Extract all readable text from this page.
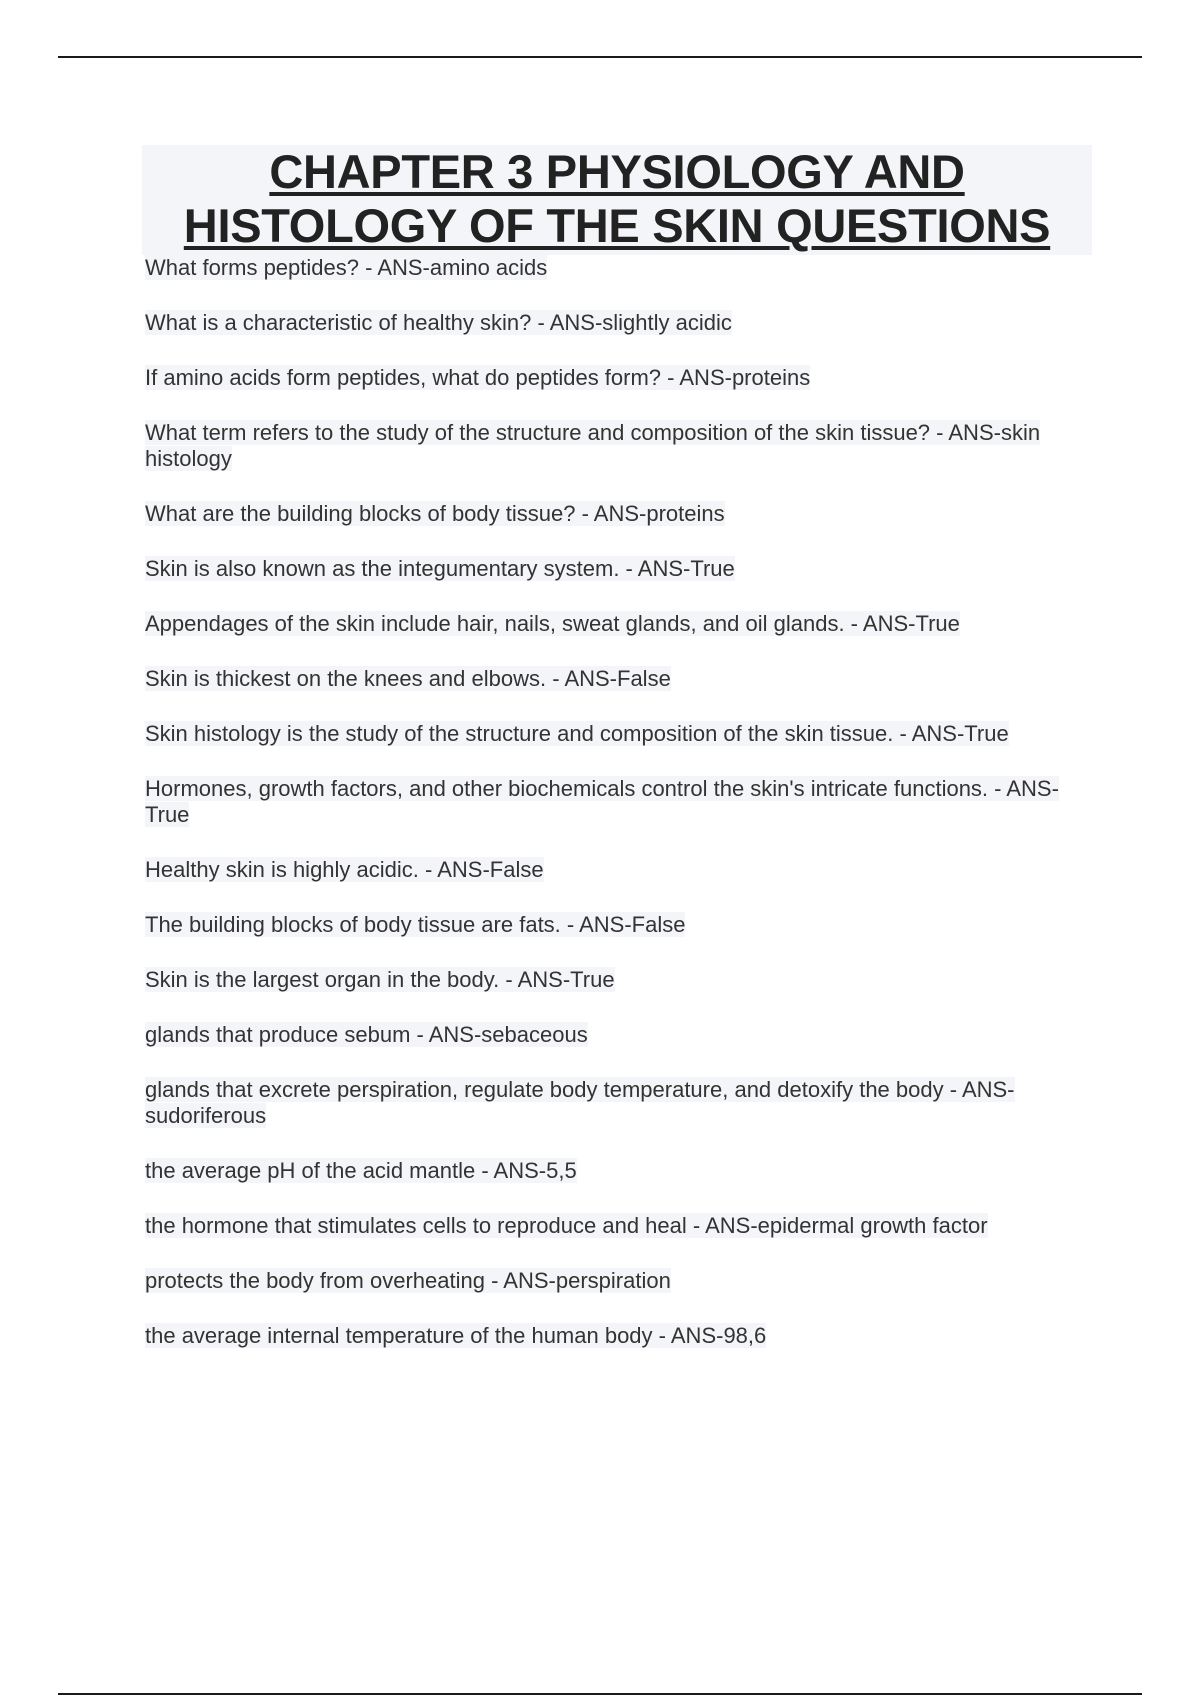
CHAPTER 3 PHYSIOLOGY AND
HISTOLOGY OF THE SKIN QUESTIONS
What forms peptides? - ANS-amino acids
What is a characteristic of healthy skin? - ANS-slightly acidic
If amino acids form peptides, what do peptides form? - ANS-proteins
What term refers to the study of the structure and composition of the skin tissue? - ANS-skin histology
What are the building blocks of body tissue? - ANS-proteins
Skin is also known as the integumentary system. - ANS-True
Appendages of the skin include hair, nails, sweat glands, and oil glands. - ANS-True
Skin is thickest on the knees and elbows. - ANS-False
Skin histology is the study of the structure and composition of the skin tissue. - ANS-True
Hormones, growth factors, and other biochemicals control the skin's intricate functions. - ANS-True
Healthy skin is highly acidic. - ANS-False
The building blocks of body tissue are fats. - ANS-False
Skin is the largest organ in the body. - ANS-True
glands that produce sebum - ANS-sebaceous
glands that excrete perspiration, regulate body temperature, and detoxify the body - ANS-sudoriferous
the average pH of the acid mantle - ANS-5,5
the hormone that stimulates cells to reproduce and heal - ANS-epidermal growth factor
protects the body from overheating - ANS-perspiration
the average internal temperature of the human body - ANS-98,6
